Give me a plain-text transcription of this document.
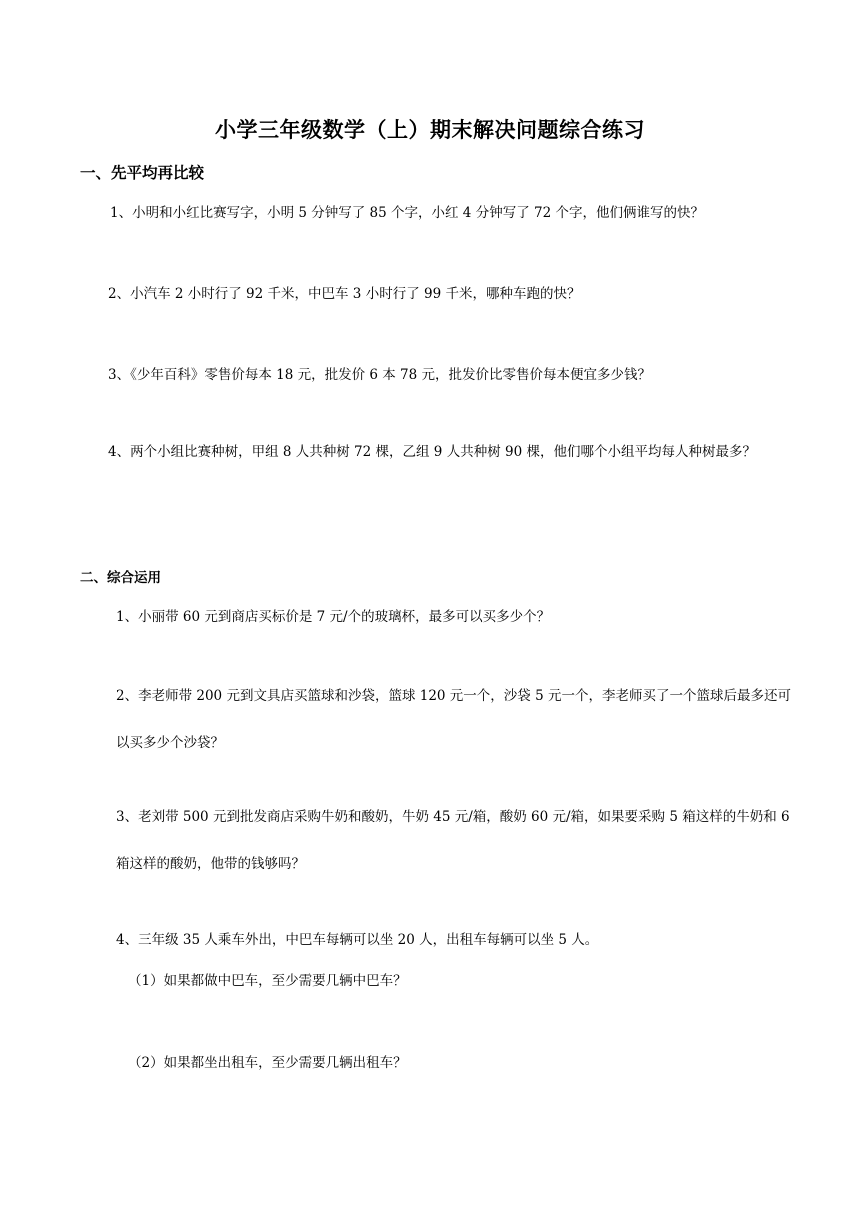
小学三年级数学（上）期末解决问题综合练习
一、先平均再比较
1、小明和小红比赛写字，小明 5 分钟写了 85 个字，小红 4 分钟写了 72 个字，他们俩谁写的快？
2、小汽车 2 小时行了 92 千米，中巴车 3 小时行了 99 千米，哪种车跑的快？
3、《少年百科》零售价每本 18 元，批发价 6 本 78 元，批发价比零售价每本便宜多少钱？
4、两个小组比赛种树，甲组 8 人共种树 72 棵，乙组 9 人共种树 90 棵，他们哪个小组平均每人种树最多？
二、综合运用
1、小丽带 60 元到商店买标价是 7 元/个的玻璃杯，最多可以买多少个？
2、李老师带 200 元到文具店买篮球和沙袋，篮球 120 元一个，沙袋 5 元一个，李老师买了一个篮球后最多还可以买多少个沙袋？
3、老刘带 500 元到批发商店采购牛奶和酸奶，牛奶 45 元/箱，酸奶 60 元/箱，如果要采购 5 箱这样的牛奶和 6 箱这样的酸奶，他带的钱够吗？
4、三年级 35 人乘车外出，中巴车每辆可以坐 20 人，出租车每辆可以坐 5 人。
（1）如果都做中巴车，至少需要几辆中巴车？
（2）如果都坐出租车，至少需要几辆出租车？
